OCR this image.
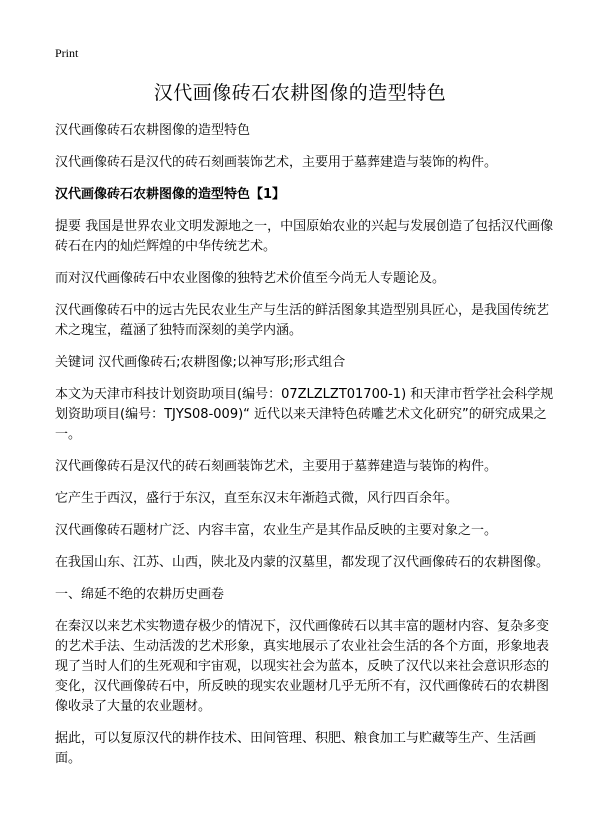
Print
汉代画像砖石农耕图像的造型特色

汉代画像砖石农耕图像的造型特色

汉代画像砖石是汉代的砖石刻画装饰艺术，主要用于墓葬建造与装饰的构件。

汉代画像砖石农耕图像的造型特色【1】

提要 我国是世界农业文明发源地之一，中国原始农业的兴起与发展创造了包括汉代画像砖石在内的灿烂辉煌的中华传统艺术。

而对汉代画像砖石中农业图像的独特艺术价值至今尚无人专题论及。

汉代画像砖石中的远古先民农业生产与生活的鲜活图象其造型别具匠心，是我国传统艺术之瑰宝，蕴涵了独特而深刻的美学内涵。

关键词 汉代画像砖石;农耕图像;以神写形;形式组合

本文为天津市科技计划资助项目(编号：07ZLZLZT01700-1) 和天津市哲学社会科学规划资助项目(编号：TJYS08-009)“ 近代以来天津特色砖雕艺术文化研究”的研究成果之一。

汉代画像砖石是汉代的砖石刻画装饰艺术，主要用于墓葬建造与装饰的构件。

它产生于西汉，盛行于东汉，直至东汉末年渐趋式微，风行四百余年。

汉代画像砖石题材广泛、内容丰富，农业生产是其作品反映的主要对象之一。

在我国山东、江苏、山西，陕北及内蒙的汉墓里，都发现了汉代画像砖石的农耕图像。

一、绵延不绝的农耕历史画卷

在秦汉以来艺术实物遗存极少的情况下，汉代画像砖石以其丰富的题材内容、复杂多变的艺术手法、生动活泼的艺术形象，真实地展示了农业社会生活的各个方面，形象地表现了当时人们的生死观和宇宙观，以现实社会为蓝本，反映了汉代以来社会意识形态的变化，汉代画像砖石中，所反映的现实农业题材几乎无所不有，汉代画像砖石的农耕图像收录了大量的农业题材。

据此，可以复原汉代的耕作技术、田间管理、积肥、粮食加工与贮藏等生产、生活画面。
